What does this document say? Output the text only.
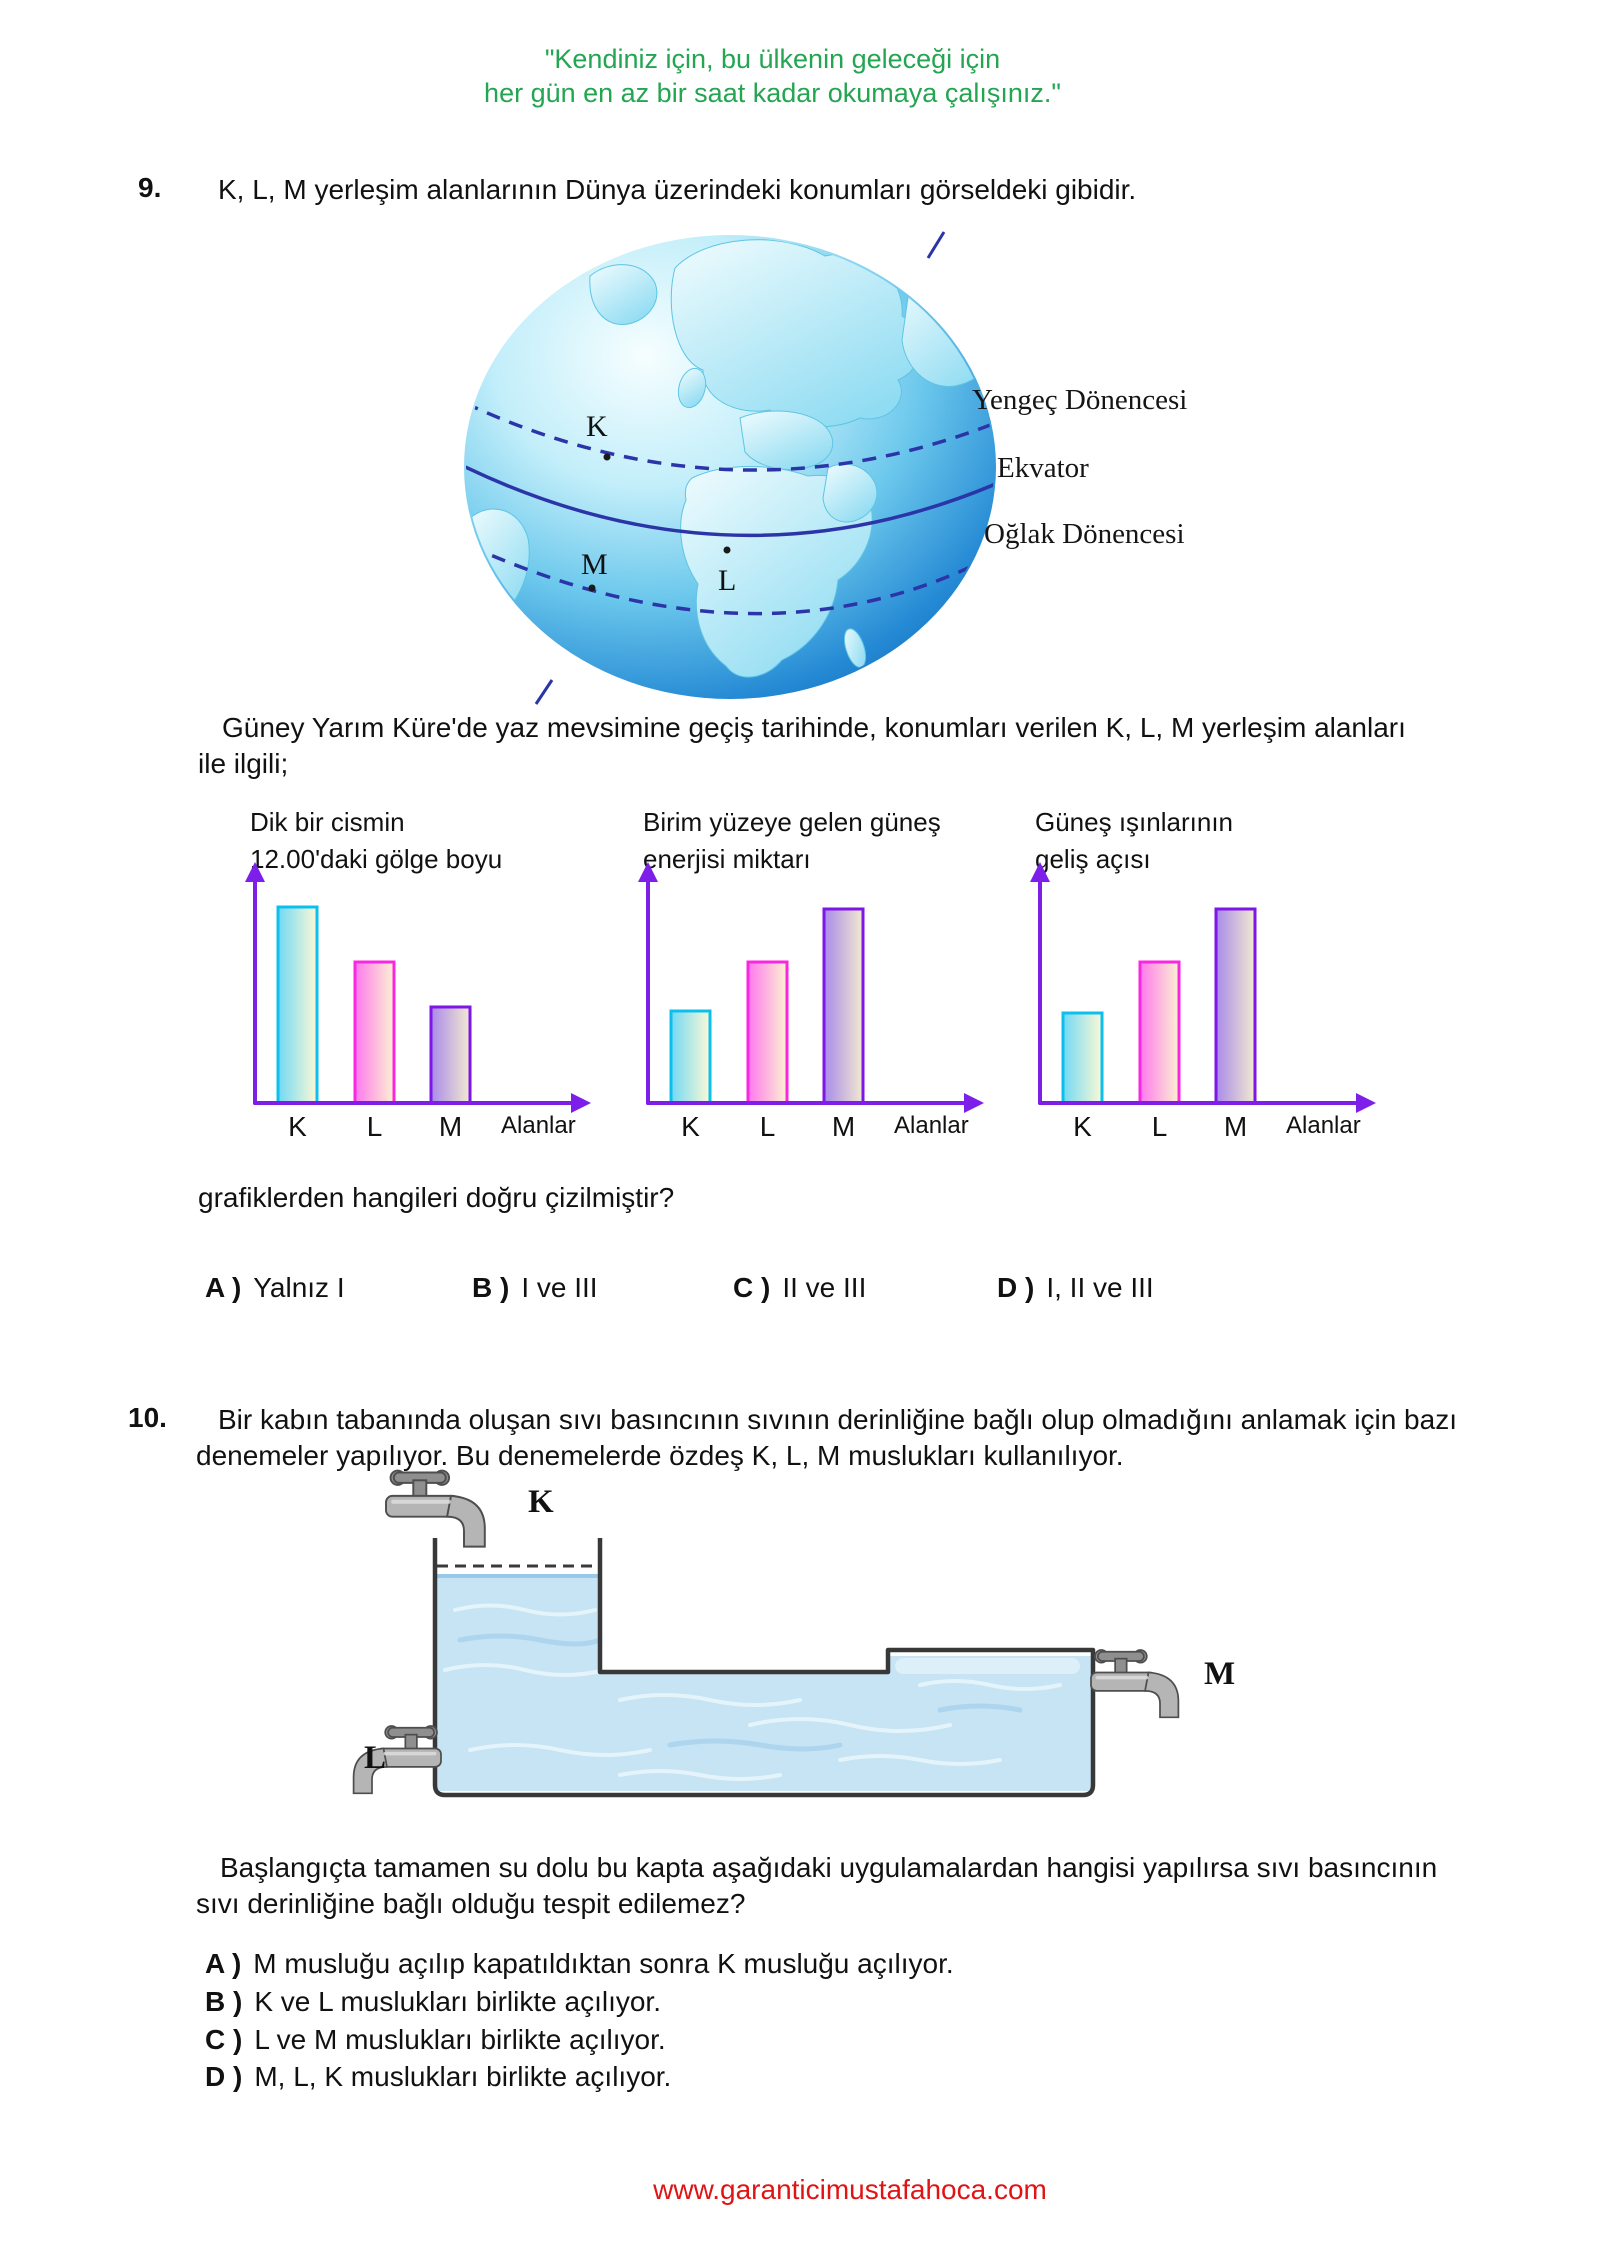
"Kendiniz için, bu ülkenin geleceği için
her gün en az bir saat kadar okumaya çalışınız."
9. K, L, M yerleşim alanlarının Dünya üzerindeki konumları görseldeki gibidir.
K
L
M
Yengeç Dönencesi
Ekvator
Oğlak Dönencesi
Güney Yarım Küre'de yaz mevsimine geçiş tarihinde, konumları verilen K, L, M yerleşim alanları ile ilgili;
Dik bir cismin
12.00'daki gölge boyu
Birim yüzeye gelen güneş
enerjisi miktarı
Güneş ışınlarının
geliş açısı
K L M Alanlar	K L M Alanlar	K L M Alanlar
grafiklerden hangileri doğru çizilmiştir?
A ) Yalnız I	B ) I ve III	C ) II ve III	D ) I, II ve III
10.	Bir kabın tabanında oluşan sıvı basıncının sıvının derinliğine bağlı olup olmadığını anlamak için bazı denemeler yapılıyor. Bu denemelerde özdeş K, L, M muslukları kullanılıyor.
K
L
M
Başlangıçta tamamen su dolu bu kapta aşağıdaki uygulamalardan hangisi yapılırsa sıvı basıncının sıvı derinliğine bağlı olduğu tespit edilemez?
A ) M musluğu açılıp kapatıldıktan sonra K musluğu açılıyor.
B ) K ve L muslukları birlikte açılıyor.
C ) L ve M muslukları birlikte açılıyor.
D ) M, L, K muslukları birlikte açılıyor.
www.garanticimustafahoca.com
